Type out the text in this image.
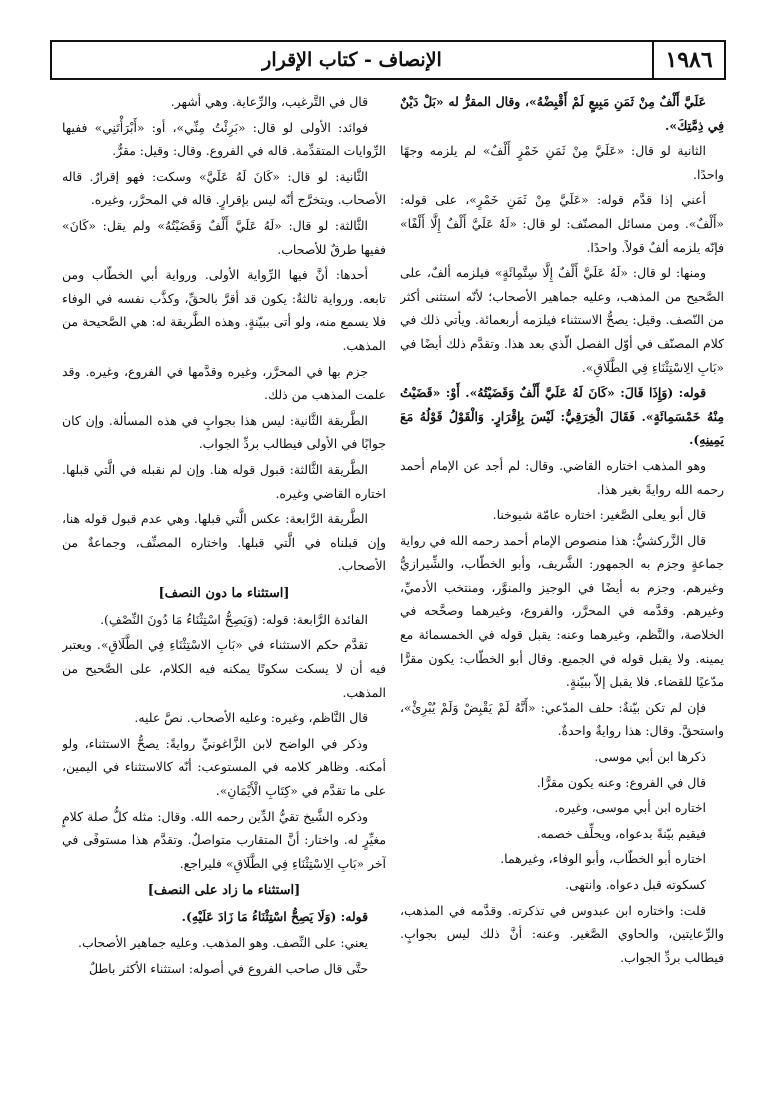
١٩٨٦
الإنصاف - كتاب الإقرار

عَلَيَّ أَلْفٌ مِنْ ثَمَنِ مَبِيعٍ لَمْ أَقْبِضْهُ»، وقال المقرُّ له «بَلْ دَيْنٌ فِي ذِمَّتِكَ».

الثانية لو قال: «عَلَيَّ مِنْ ثَمَنِ خَمْرٍ أَلْفٌ» لم يلزمه وجهًا واحدًا.

أعني إذا قدَّم قوله: «عَلَيَّ مِنْ ثَمَنِ خَمْرٍ»، على قوله: «أَلْفٌ». ومن مسائل المصنّف: لو قال: «لَهُ عَلَيَّ أَلْفٌ إِلَّا أَلْفًا» فإنّه يلزمه ألفٌ قولاً. واحدًا.

ومنها: لو قال: «لَهُ عَلَيَّ أَلْفٌ إِلَّا سِتَّمِائَةٍ» فيلزمه ألفٌ، على الصَّحيح من المذهب، وعليه جماهير الأصحاب؛ لأنّه استثنى أكثر من النّصف. وقيل: يصحُّ الاستثناء فيلزمه أربعمائة. ويأتي ذلك في كلام المصنّف في أوّل الفصل الّذي بعد هذا. وتقدَّم ذلك أيضًا في «بَابِ الِاسْتِثْنَاءِ فِي الطَّلَاقِ».

قوله: (وَإِذَا قَالَ: «كَانَ لَهُ عَلَيَّ أَلْفٌ وَقَضَيْتُهُ». أَوْ: «قَضَيْتُ مِنْهُ خَمْسَمِائَةٍ». فَقَالَ الْخِرَقِيُّ: لَيْسَ بِإِقْرَارٍ. وَالْقَوْلُ قَوْلُهُ مَعَ يَمِينِهِ).

وهو المذهب اختاره القاضي. وقال: لم أجد عن الإمام أحمد رحمه الله روايةً بغير هذا.

قال أبو يعلى الصَّغير: اختاره عامّة شيوخنا.

قال الزَّركشيُّ: هذا منصوص الإمام أحمد رحمه الله في رواية جماعةٍ وجزم به الجمهور: الشَّريف، وأبو الخطّاب، والشِّيرازيُّ وغيرهم. وجزم به أيضًا في الوجيز والمنوَّر، ومنتخب الأدميِّ، وغيرهم. وقدَّمه في المحرَّر، والفروع، وغيرهما وصحَّحه في الخلاصة، والنَّظم، وغيرهما وعنه: يقبل قوله في الخمسمائة مع يمينه. ولا يقبل قوله في الجميع. وقال أبو الخطّاب: يكون مقرًّا مدّعيًا للقضاء. فلا يقبل إلاّ ببيّنةٍ.

فإن لم تكن بيّنةٌ: حلف المدّعي: «أَنَّهُ لَمْ يَقْبِضْ وَلَمْ يُبْرِئْ»، واستحقَّ. وقال: هذا روايةٌ واحدةٌ.

ذكرها ابن أبي موسى.

قال في الفروع: وعنه يكون مقرًّا.

اختاره ابن أبي موسى، وغيره.

فيقيم بيّنةً بدعواه، ويحلِّف خصمه.

اختاره أبو الخطّاب، وأبو الوفاء، وغيرهما.

كسكوته قبل دعواه. وانتهى.

قلت: واختاره ابن عبدوس في تذكرته. وقدَّمه في المذهب، والرِّعايتين، والحاوي الصَّغير. وعنه: أنَّ ذلك ليس بجوابٍ. فيطالب بردِّ الجواب.

قال في التَّرغيب، والرِّعاية. وهي أشهر.

فوائد: الأولى لو قال: «بَرِئْتُ مِنِّي»، أو: «أَبْرَأْتَنِي» ففيها الرِّوايات المتقدِّمة. قاله في الفروع. وقال: وقيل: مقرٌّ.

الثَّانية: لو قال: «كَانَ لَهُ عَلَيَّ» وسكت: فهو إقرارٌ. قاله الأصحاب. ويتخرَّج أنّه ليس بإقرارٍ. قاله في المحرَّر، وغيره.

الثَّالثة: لو قال: «لَهُ عَلَيَّ أَلْفٌ وَقَضَيْتُهُ» ولم يقل: «كَانَ» ففيها طرقٌ للأصحاب.

أحدها: أنَّ فيها الرِّواية الأولى. ورواية أبي الخطّاب ومن تابعه. ورواية ثالثةٌ: يكون قد أقرَّ بالحقِّ، وكذَّب نفسه في الوفاء فلا يسمع منه، ولو أتى ببيّنةٍ. وهذه الطَّريقة له: هي الصَّحيحة من المذهب.

جزم بها في المحرَّر، وغيره وقدَّمها في الفروع، وغيره. وقد علمت المذهب من ذلك.

الطَّريقة الثَّانية: ليس هذا بجوابٍ في هذه المسألة. وإن كان جوابًا في الأولى فيطالب بردِّ الجواب.

الطَّريقة الثَّالثة: قبول قوله هنا. وإن لم نقبله في الَّتي قبلها. اختاره القاضي وغيره.

الطَّريقة الرَّابعة: عكس الَّتي قبلها. وهي عدم قبول قوله هنا، وإن قبلناه في الَّتي قبلها. واختاره المصنِّف، وجماعةٌ من الأصحاب.

[استثناء ما دون النصف]

الفائدة الرَّابعة: قوله: (وَيَصِحُّ اسْتِثْنَاءُ مَا دُونَ النِّصْفِ).

تقدَّم حكم الاستثناء في «بَابِ الاسْتِثْنَاءِ فِي الطَّلَاقِ». ويعتبر فيه أن لا يسكت سكوتًا يمكنه فيه الكلام، على الصَّحيح من المذهب.

قال النَّاظم، وغيره: وعليه الأصحاب. نصَّ عليه.

وذكر في الواضح لابن الزَّاغونيِّ روايةً: يصحُّ الاستثناء، ولو أمكنه. وظاهر كلامه في المستوعب: أنّه كالاستثناء في اليمين، على ما تقدَّم في «كِتَابِ الْأَيْمَانِ».

وذكره الشَّيخ تقيُّ الدِّين رحمه الله. وقال: مثله كلُّ صلة كلامٍ مغيِّرٍ له. واختار: أنَّ المتقارب متواصلٌ. وتقدَّم هذا مستوفًى في آخر «بَابِ الِاسْتِثْنَاءِ فِي الطَّلَاقِ» فليراجع.

[استثناء ما زاد على النصف]

قوله: (وَلَا يَصِحُّ اسْتِثْنَاءُ مَا زَادَ عَلَيْهِ).

يعني: على النِّصف. وهو المذهب. وعليه جماهير الأصحاب.

حتَّى قال صاحب الفروع في أصوله: استثناء الأكثر باطلٌ
